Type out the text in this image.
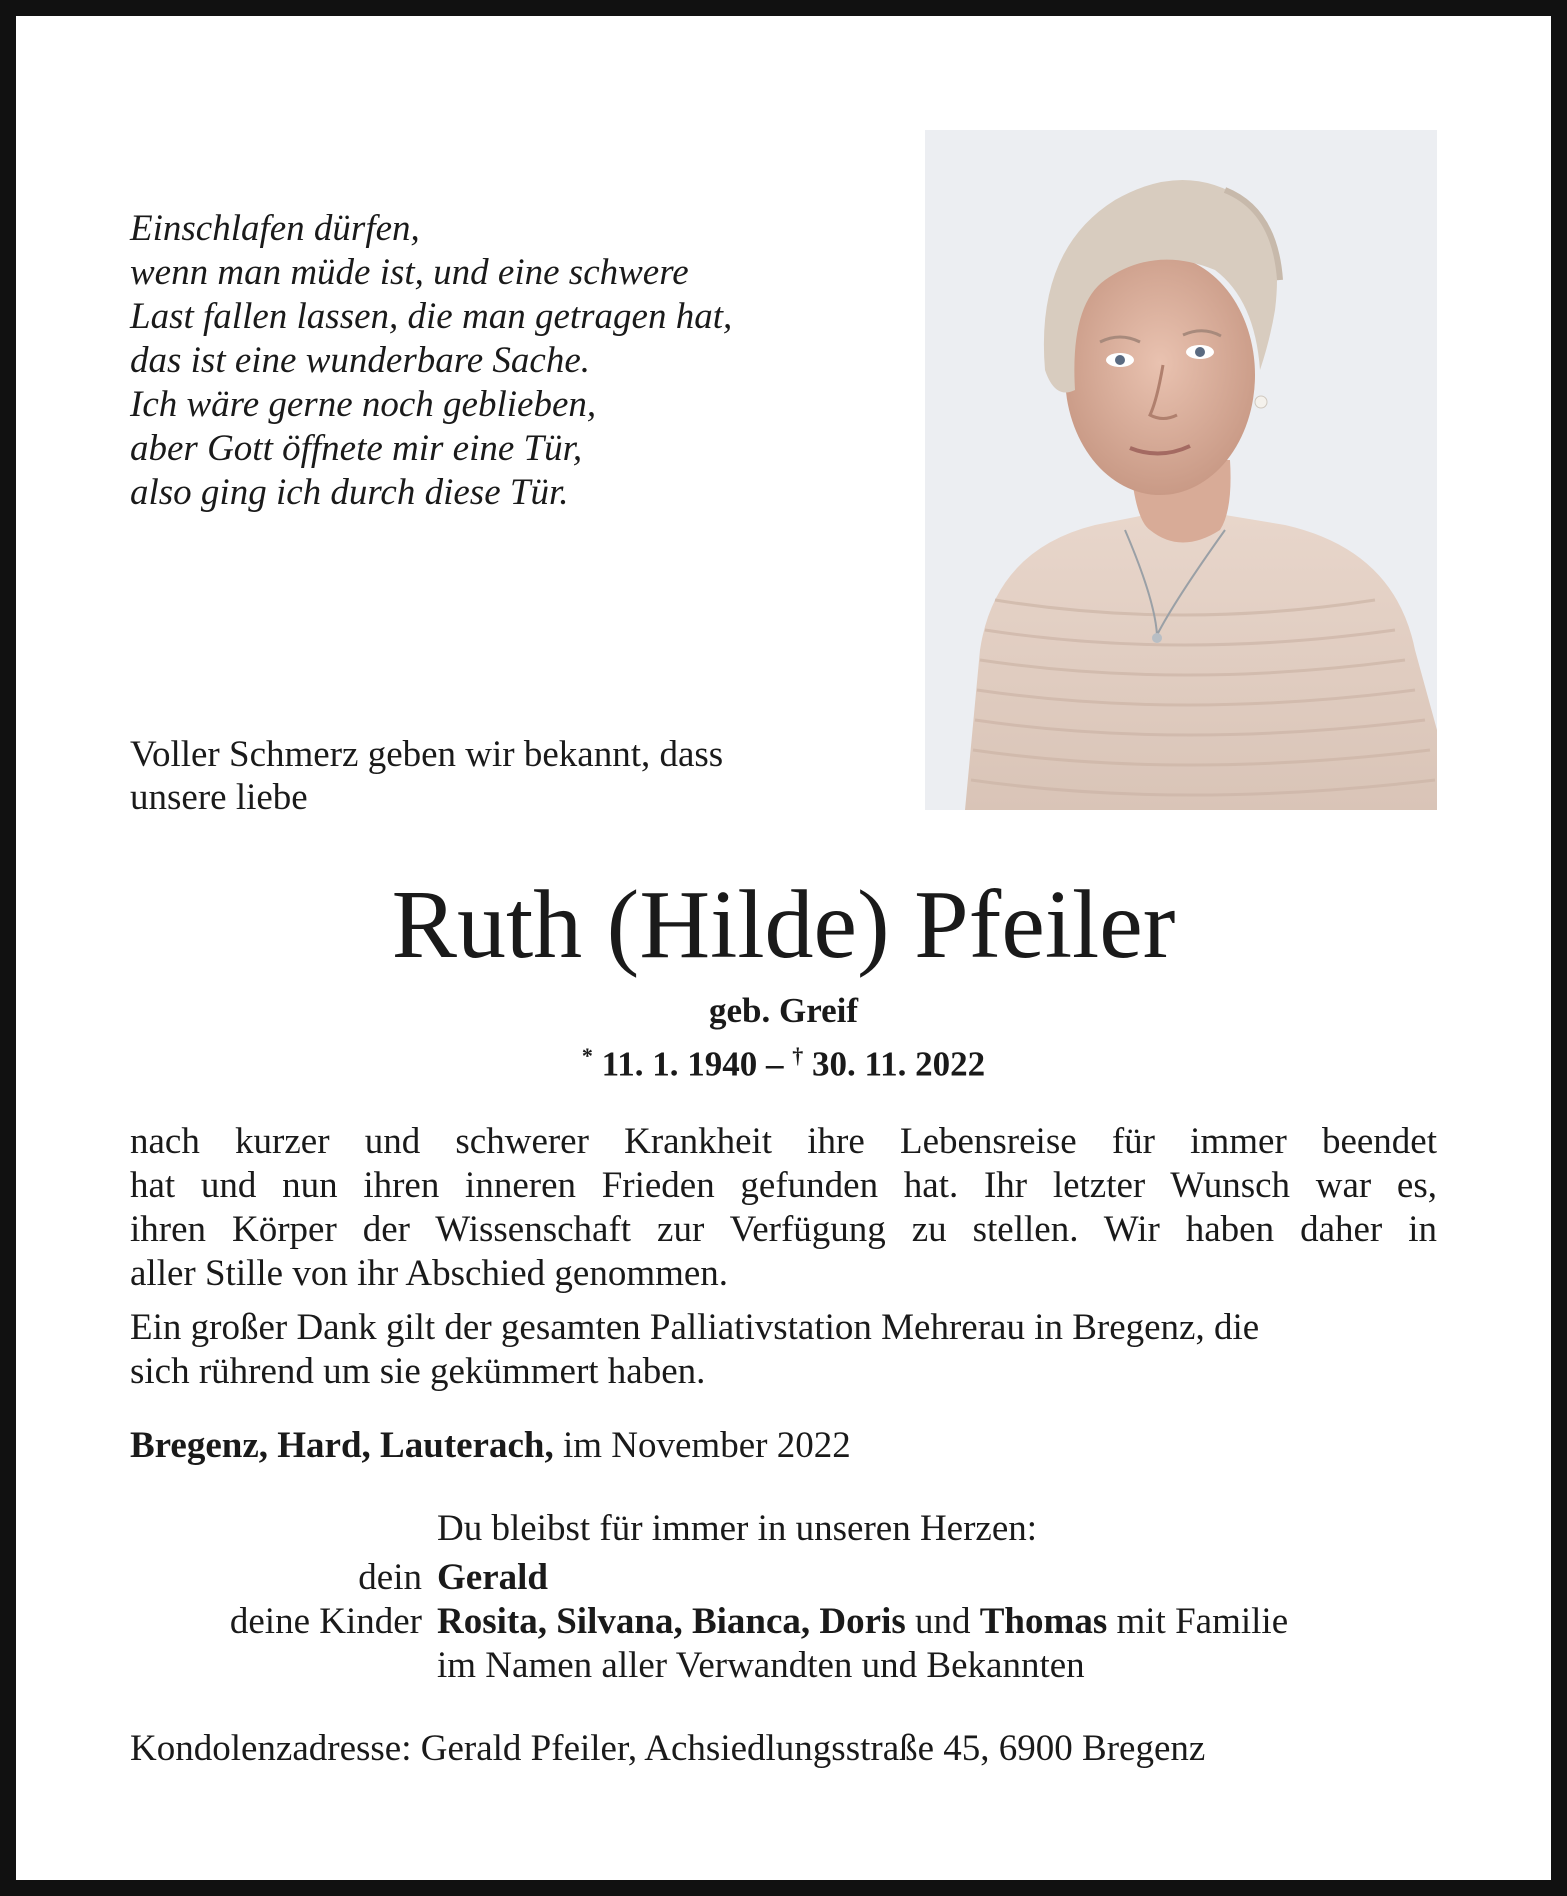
Einschlafen dürfen,
wenn man müde ist, und eine schwere
Last fallen lassen, die man getragen hat,
das ist eine wunderbare Sache.
Ich wäre gerne noch geblieben,
aber Gott öffnete mir eine Tür,
also ging ich durch diese Tür.
Voller Schmerz geben wir bekannt, dass
unsere liebe
Ruth (Hilde) Pfeiler
geb. Greif
* 11. 1. 1940 – † 30. 11. 2022
nach kurzer und schwerer Krankheit ihre Lebensreise für immer beendet
hat und nun ihren inneren Frieden gefunden hat. Ihr letzter Wunsch war es,
ihren Körper der Wissenschaft zur Verfügung zu stellen. Wir haben daher in
aller Stille von ihr Abschied genommen.
Ein großer Dank gilt der gesamten Palliativstation Mehrerau in Bregenz, die
sich rührend um sie gekümmert haben.
Bregenz, Hard, Lauterach, im November 2022
Du bleibst für immer in unseren Herzen:
dein
deine Kinder
Gerald
Rosita, Silvana, Bianca, Doris und Thomas mit Familie
im Namen aller Verwandten und Bekannten
Kondolenzadresse: Gerald Pfeiler, Achsiedlungsstraße 45, 6900 Bregenz
